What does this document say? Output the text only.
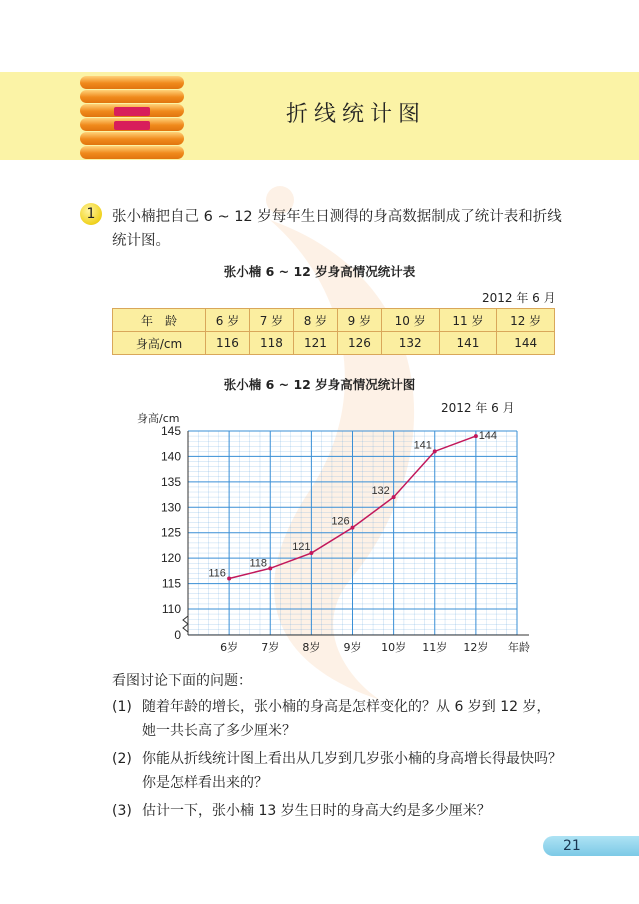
折线统计图
1	张小楠把自己 6 ~ 12 岁每年生日测得的身高数据制成了统计表和折线统计图。
张小楠 6 ~ 12 岁身高情况统计表
2012 年 6 月
年　龄	6 岁	7 岁	8 岁	9 岁	10 岁	11 岁	12 岁
身高/cm	116	118	121	126	132	141	144
张小楠 6 ~ 12 岁身高情况统计图
2012 年 6 月
145
140
135
130
125
120
115
110
0
身高/cm
6岁 7岁 8岁 9岁 10岁 11岁 12岁 年龄
116
118
121
126
132
141
144
看图讨论下面的问题：
(1) 随着年龄的增长，张小楠的身高是怎样变化的？从 6 岁到 12 岁，她一共长高了多少厘米？
(2) 你能从折线统计图上看出从几岁到几岁张小楠的身高增长得最快吗？你是怎样看出来的？
(3) 估计一下，张小楠 13 岁生日时的身高大约是多少厘米？
21
